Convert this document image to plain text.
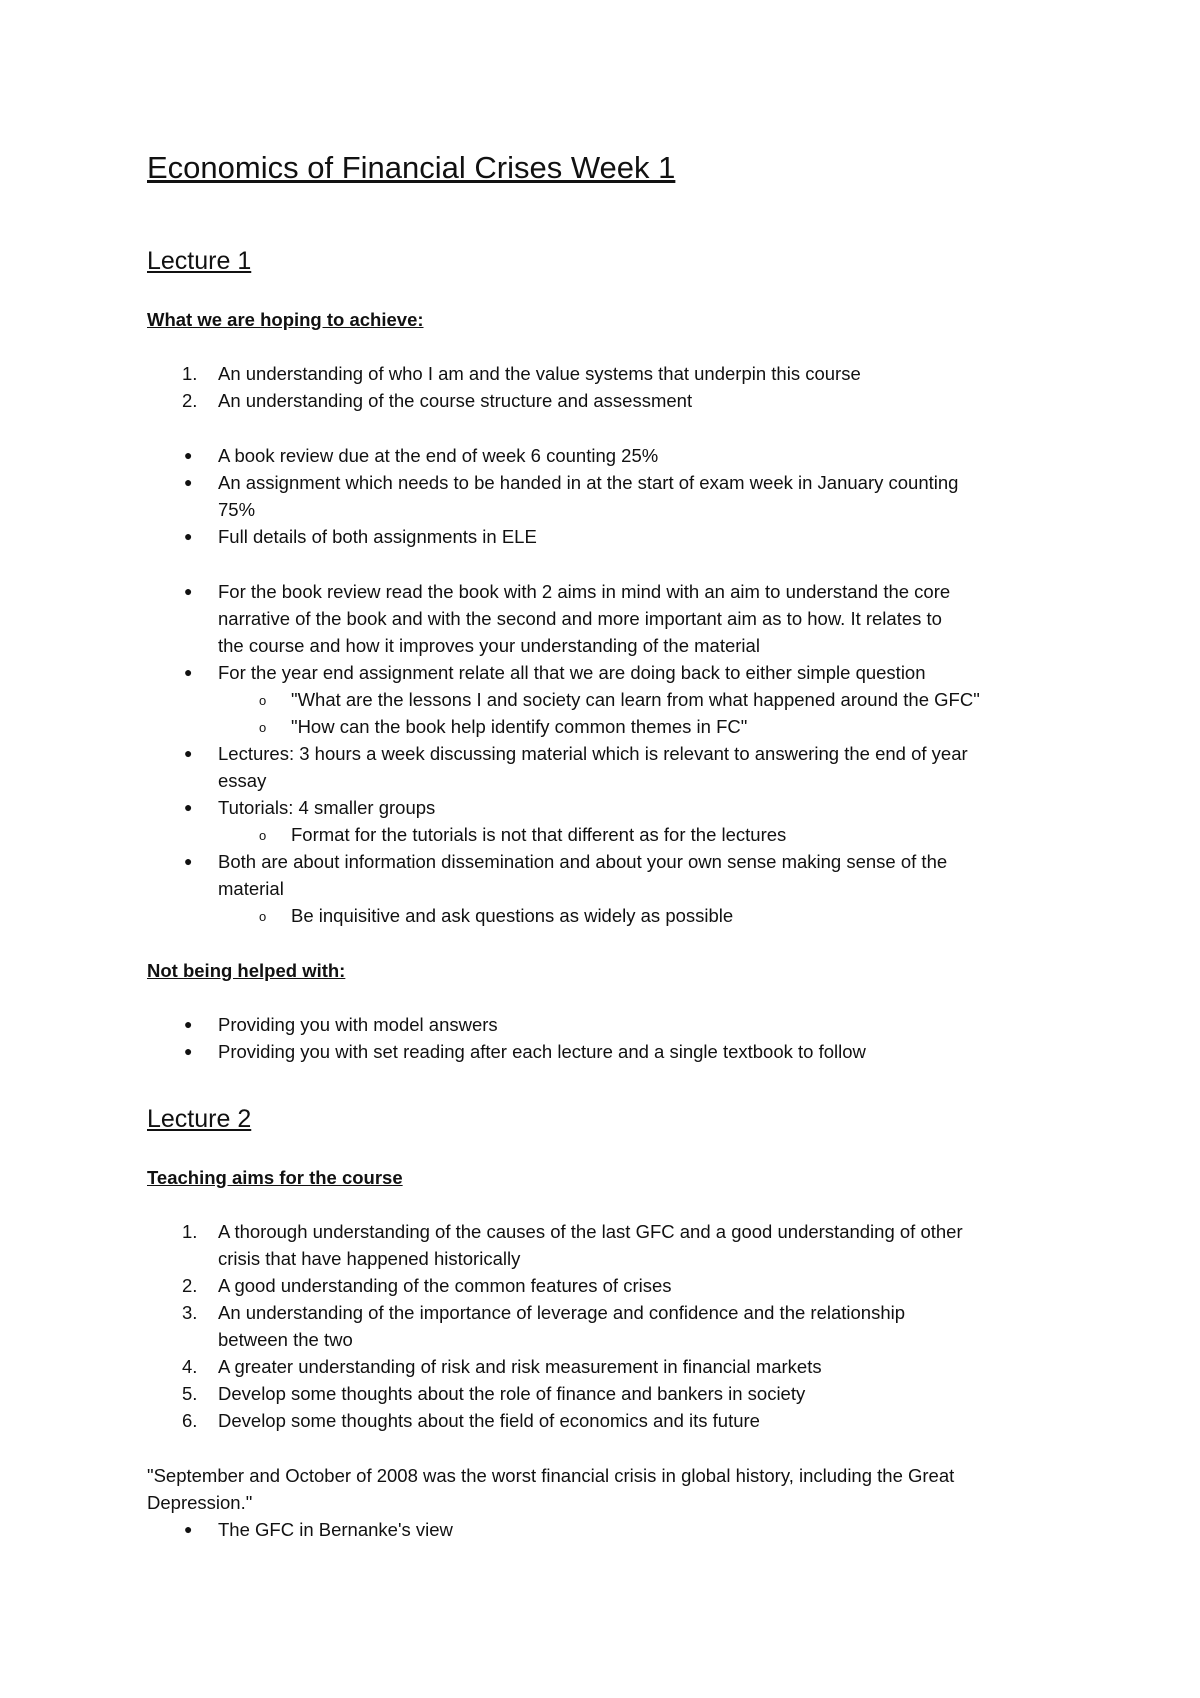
Economics of Financial Crises Week 1
Lecture 1
What we are hoping to achieve:
1. An understanding of who I am and the value systems that underpin this course
2. An understanding of the course structure and assessment
● A book review due at the end of week 6 counting 25%
● An assignment which needs to be handed in at the start of exam week in January counting
75%
● Full details of both assignments in ELE
● For the book review read the book with 2 aims in mind with an aim to understand the core
narrative of the book and with the second and more important aim as to how. It relates to
the course and how it improves your understanding of the material
● For the year end assignment relate all that we are doing back to either simple question
o "What are the lessons I and society can learn from what happened around the GFC"
o "How can the book help identify common themes in FC"
● Lectures: 3 hours a week discussing material which is relevant to answering the end of year
essay
● Tutorials: 4 smaller groups
o Format for the tutorials is not that different as for the lectures
● Both are about information dissemination and about your own sense making sense of the
material
o Be inquisitive and ask questions as widely as possible
Not being helped with:
● Providing you with model answers
● Providing you with set reading after each lecture and a single textbook to follow
Lecture 2
Teaching aims for the course
1. A thorough understanding of the causes of the last GFC and a good understanding of other
crisis that have happened historically
2. A good understanding of the common features of crises
3. An understanding of the importance of leverage and confidence and the relationship
between the two
4. A greater understanding of risk and risk measurement in financial markets
5. Develop some thoughts about the role of finance and bankers in society
6. Develop some thoughts about the field of economics and its future
"September and October of 2008 was the worst financial crisis in global history, including the Great
Depression."
● The GFC in Bernanke's view
